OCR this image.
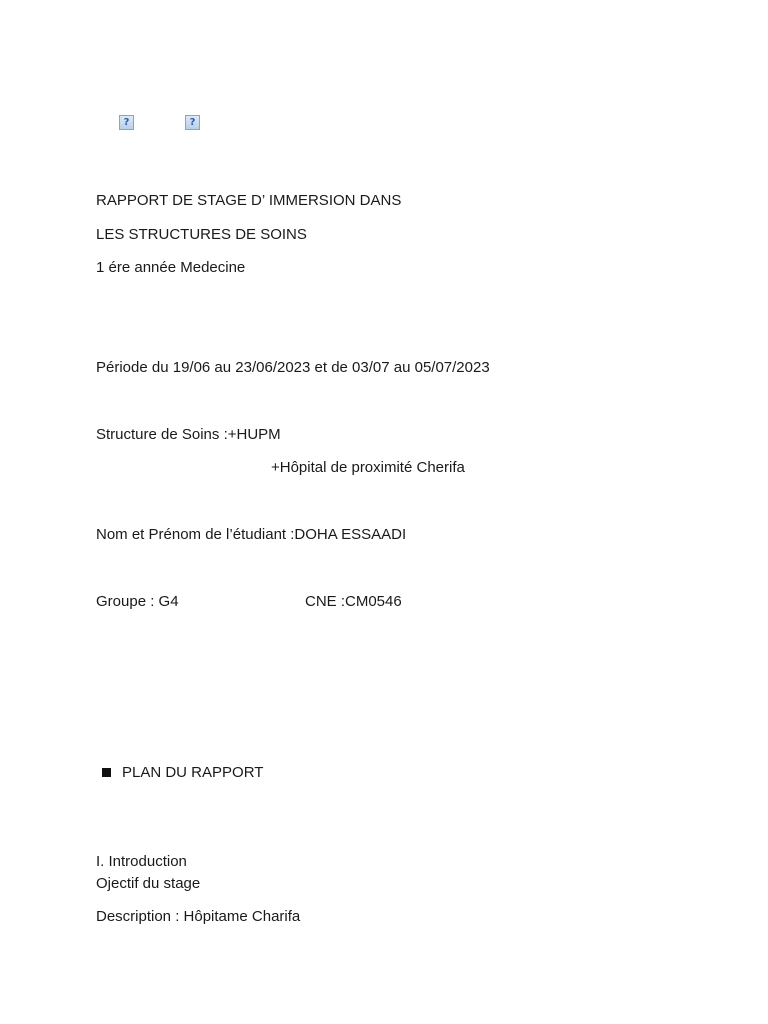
?
?
RAPPORT DE STAGE D’ IMMERSION DANS
LES STRUCTURES DE SOINS
1 ére année Medecine
Période du 19/06 au 23/06/2023 et de 03/07 au 05/07/2023
Structure de Soins :+HUPM
+Hôpital de proximité Cherifa
Nom et Prénom de l’étudiant :DOHA ESSAADI
Groupe : G4	CNE :CM0546
PLAN DU RAPPORT
I. Introduction
Ojectif du stage
Description : Hôpitame Charifa
